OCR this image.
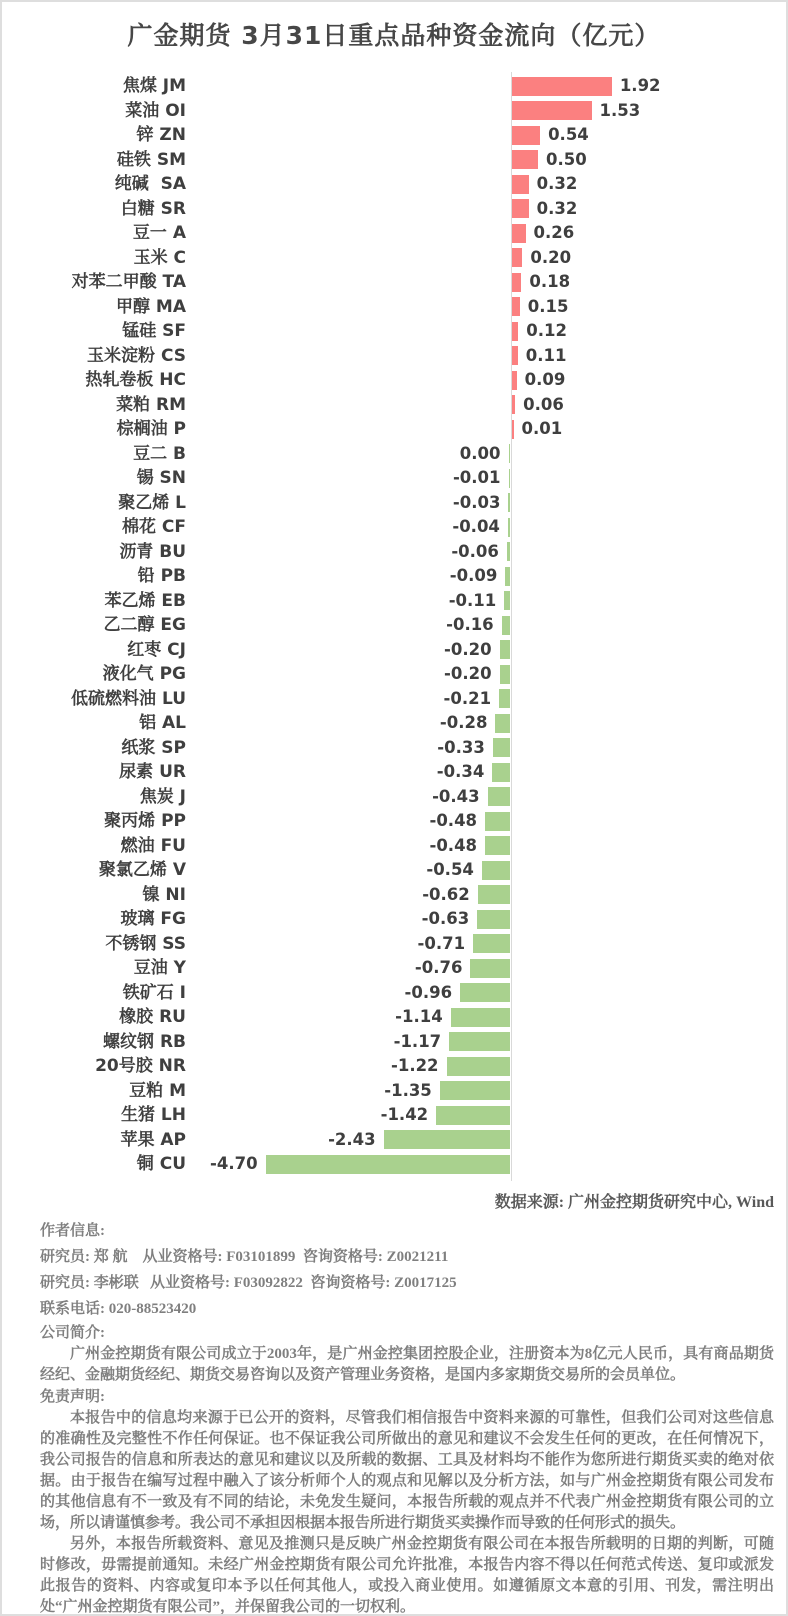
广金期货 3月31日重点品种资金流向（亿元）
焦煤 JM	1.92
菜油 OI	1.53
锌 ZN	0.54
硅铁 SM	0.50
纯碱  SA	0.32
白糖 SR	0.32
豆一 A	0.26
玉米 C	0.20
对苯二甲酸 TA	0.18
甲醇 MA	0.15
锰硅 SF	0.12
玉米淀粉 CS	0.11
热轧卷板 HC	0.09
菜粕 RM	0.06
棕榈油 P	0.01
豆二 B	0.00
锡 SN	-0.01
聚乙烯 L	-0.03
棉花 CF	-0.04
沥青 BU	-0.06
铅 PB	-0.09
苯乙烯 EB	-0.11
乙二醇 EG	-0.16
红枣 CJ	-0.20
液化气 PG	-0.20
低硫燃料油 LU	-0.21
铝 AL	-0.28
纸浆 SP	-0.33
尿素 UR	-0.34
焦炭 J	-0.43
聚丙烯 PP	-0.48
燃油 FU	-0.48
聚氯乙烯 V	-0.54
镍 NI	-0.62
玻璃 FG	-0.63
不锈钢 SS	-0.71
豆油 Y	-0.76
铁矿石 I	-0.96
橡胶 RU	-1.14
螺纹钢 RB	-1.17
20号胶 NR	-1.22
豆粕 M	-1.35
生猪 LH	-1.42
苹果 AP	-2.43
铜 CU -4.70
数据来源: 广州金控期货研究中心, Wind
作者信息:
研究员: 郑 航    从业资格号: F03101899  咨询资格号: Z0021211
研究员: 李彬联   从业资格号: F03092822  咨询资格号: Z0017125
联系电话: 020-88523420
公司简介:

广州金控期货有限公司成立于2003年，是广州金控集团控股企业，注册资本为8亿元人民币，具有商品期货经纪、金融期货经纪、期货交易咨询以及资产管理业务资格，是国内多家期货交易所的会员单位。

免责声明:

本报告中的信息均来源于已公开的资料，尽管我们相信报告中资料来源的可靠性，但我们公司对这些信息的准确性及完整性不作任何保证。也不保证我公司所做出的意见和建议不会发生任何的更改，在任何情况下，我公司报告的信息和所表达的意见和建议以及所载的数据、工具及材料均不能作为您所进行期货买卖的绝对依据。由于报告在编写过程中融入了该分析师个人的观点和见解以及分析方法，如与广州金控期货有限公司发布的其他信息有不一致及有不同的结论，未免发生疑问，本报告所载的观点并不代表广州金控期货有限公司的立场，所以请谨慎参考。我公司不承担因根据本报告所进行期货买卖操作而导致的任何形式的损失。

另外，本报告所载资料、意见及推测只是反映广州金控期货有限公司在本报告所载明的日期的判断，可随时修改，毋需提前通知。未经广州金控期货有限公司允许批准，本报告内容不得以任何范式传送、复印或派发此报告的资料、内容或复印本予以任何其他人，或投入商业使用。如遵循原文本意的引用、刊发，需注明出处“广州金控期货有限公司”，并保留我公司的一切权利。
